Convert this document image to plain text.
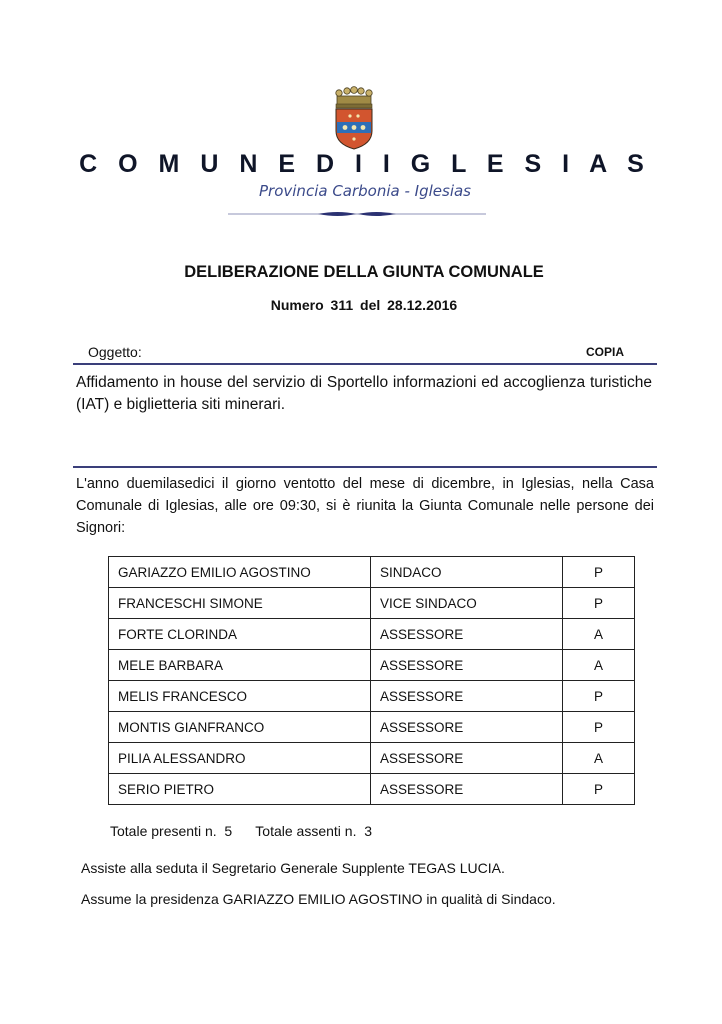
C O M U N E D I I G L E S I A S
Provincia Carbonia - Iglesias
DELIBERAZIONE DELLA GIUNTA COMUNALE
Numero 311 del 28.12.2016
Oggetto:	COPIA
Affidamento in house del servizio di Sportello informazioni ed accoglienza turistiche (IAT) e biglietteria siti minerari.
L'anno duemilasedici il giorno ventotto del mese di dicembre, in Iglesias, nella Casa Comunale di Iglesias, alle ore 09:30, si è riunita la Giunta Comunale nelle persone dei Signori:
GARIAZZO EMILIO AGOSTINO	SINDACO	P
FRANCESCHI SIMONE	VICE SINDACO	P
FORTE CLORINDA	ASSESSORE	A
MELE BARBARA	ASSESSORE	A
MELIS FRANCESCO	ASSESSORE	P
MONTIS GIANFRANCO	ASSESSORE	P
PILIA ALESSANDRO	ASSESSORE	A
SERIO PIETRO	ASSESSORE	P
Totale presenti n.  5 Totale assenti n.  3
Assiste alla seduta il Segretario Generale Supplente TEGAS LUCIA.
Assume la presidenza GARIAZZO EMILIO AGOSTINO in qualità di Sindaco.
